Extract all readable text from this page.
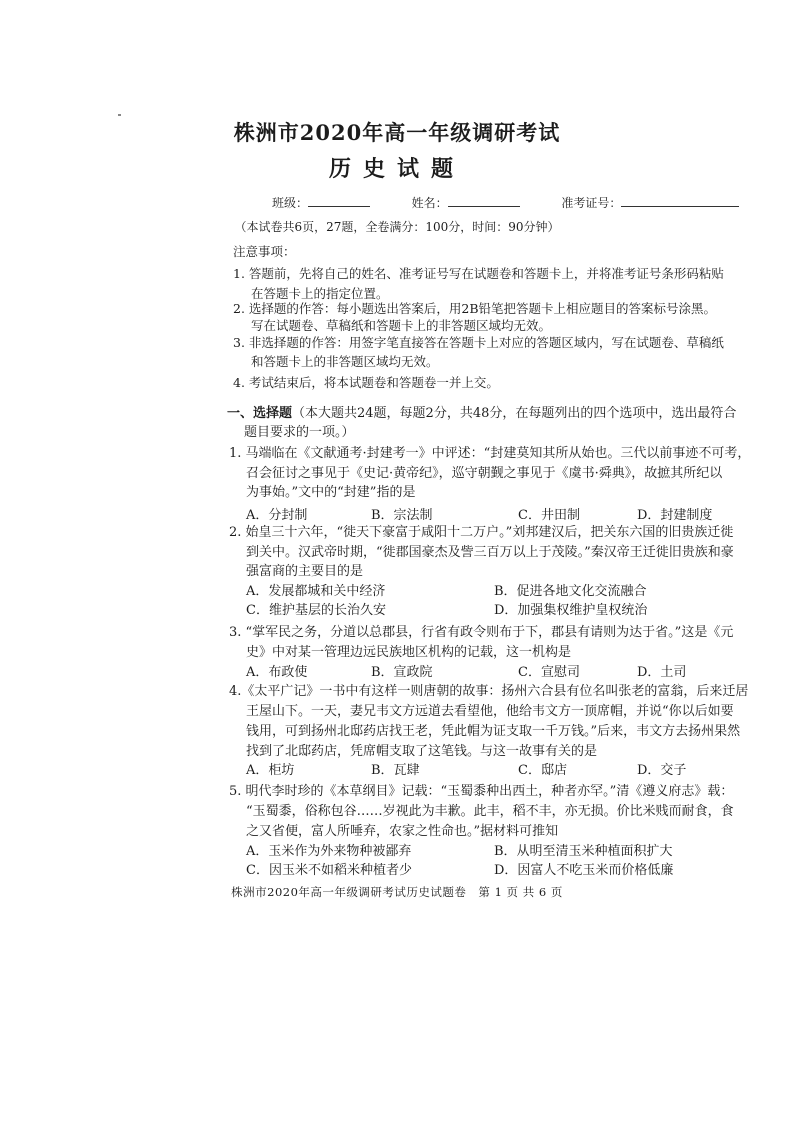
株洲市2020年高一年级调研考试
历史试题
班级：	姓名：	准考证号：
（本试卷共6页，27题，全卷满分：100分，时间：90分钟）
注意事项：
1. 答题前，先将自己的姓名、准考证号写在试题卷和答题卡上，并将准考证号条形码粘贴
在答题卡上的指定位置。
2. 选择题的作答：每小题选出答案后，用2B铅笔把答题卡上相应题目的答案标号涂黑。
写在试题卷、草稿纸和答题卡上的非答题区域均无效。
3. 非选择题的作答：用签字笔直接答在答题卡上对应的答题区域内，写在试题卷、草稿纸
和答题卡上的非答题区域均无效。
4. 考试结束后，将本试题卷和答题卷一并上交。
一、选择题（本大题共24题，每题2分，共48分，在每题列出的四个选项中，选出最符合
题目要求的一项。）
1. 马端临在《文献通考·封建考一》中评述：“封建莫知其所从始也。三代以前事迹不可考，
召会征讨之事见于《史记·黄帝纪》，巡守朝觐之事见于《虞书·舜典》，故摭其所纪以
为事始。”文中的“封建”指的是
A．分封制	B．宗法制	C．井田制	D．封建制度
2. 始皇三十六年，“徙天下豪富于咸阳十二万户。”刘邦建汉后，把关东六国的旧贵族迁徙
到关中。汉武帝时期，“徙郡国豪杰及訾三百万以上于茂陵。”秦汉帝王迁徙旧贵族和豪
强富商的主要目的是
A．发展都城和关中经济	B．促进各地文化交流融合
C．维护基层的长治久安	D．加强集权维护皇权统治
3. “掌军民之务，分道以总郡县，行省有政令则布于下，郡县有请则为达于省。”这是《元
史》中对某一管理边远民族地区机构的记载，这一机构是
A．布政使	B．宣政院	C．宣慰司	D．土司
4.《太平广记》一书中有这样一则唐朝的故事：扬州六合县有位名叫张老的富翁，后来迁居
王屋山下。一天，妻兄韦文方远道去看望他，他给韦文方一顶席帽，并说“你以后如要
钱用，可到扬州北邸药店找王老，凭此帽为证支取一千万钱。”后来，韦文方去扬州果然
找到了北邸药店，凭席帽支取了这笔钱。与这一故事有关的是
A．柜坊	B．瓦肆	C．邸店	D．交子
5. 明代李时珍的《本草纲目》记载：“玉蜀黍种出西土，种者亦罕。”清《遵义府志》载：
“玉蜀黍，俗称包谷……岁视此为丰歉。此丰，稻不丰，亦无损。价比米贱而耐食，食
之又省便，富人所唾弃，农家之性命也。”据材料可推知
A．玉米作为外来物种被鄙弃	B．从明至清玉米种植面积扩大
C．因玉米不如稻米种植者少	D．因富人不吃玉米而价格低廉
株洲市2020年高一年级调研考试历史试题卷　第 1 页 共 6 页
